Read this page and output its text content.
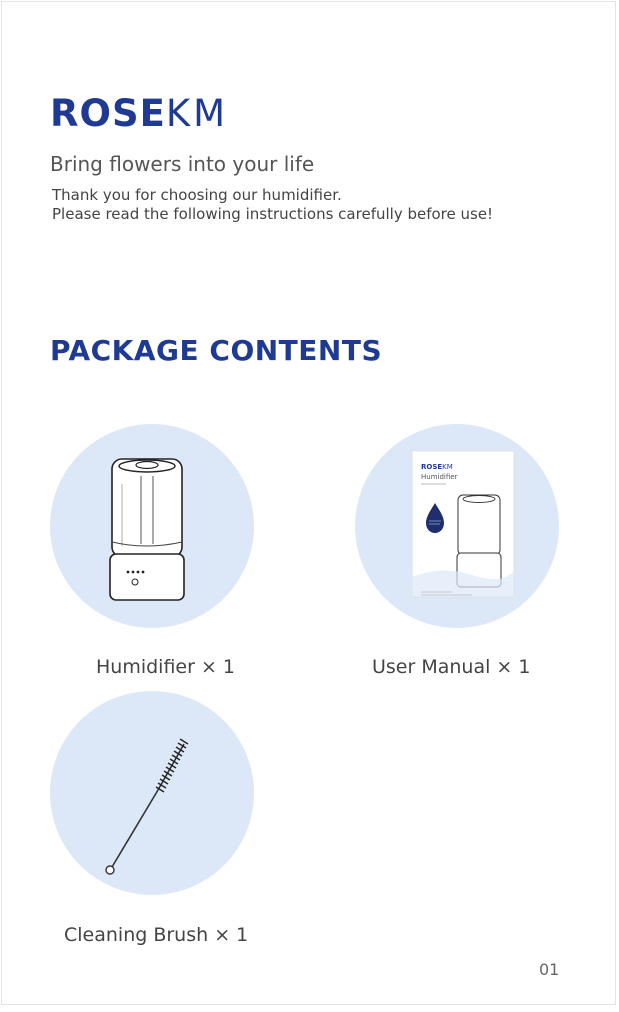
ROSEKM
Bring flowers into your life
Thank you for choosing our humidifier.
Please read the following instructions carefully before use!
PACKAGE CONTENTS
Humidifier × 1
ROSEKM
Humidifier
User Manual × 1
Cleaning Brush × 1
01
